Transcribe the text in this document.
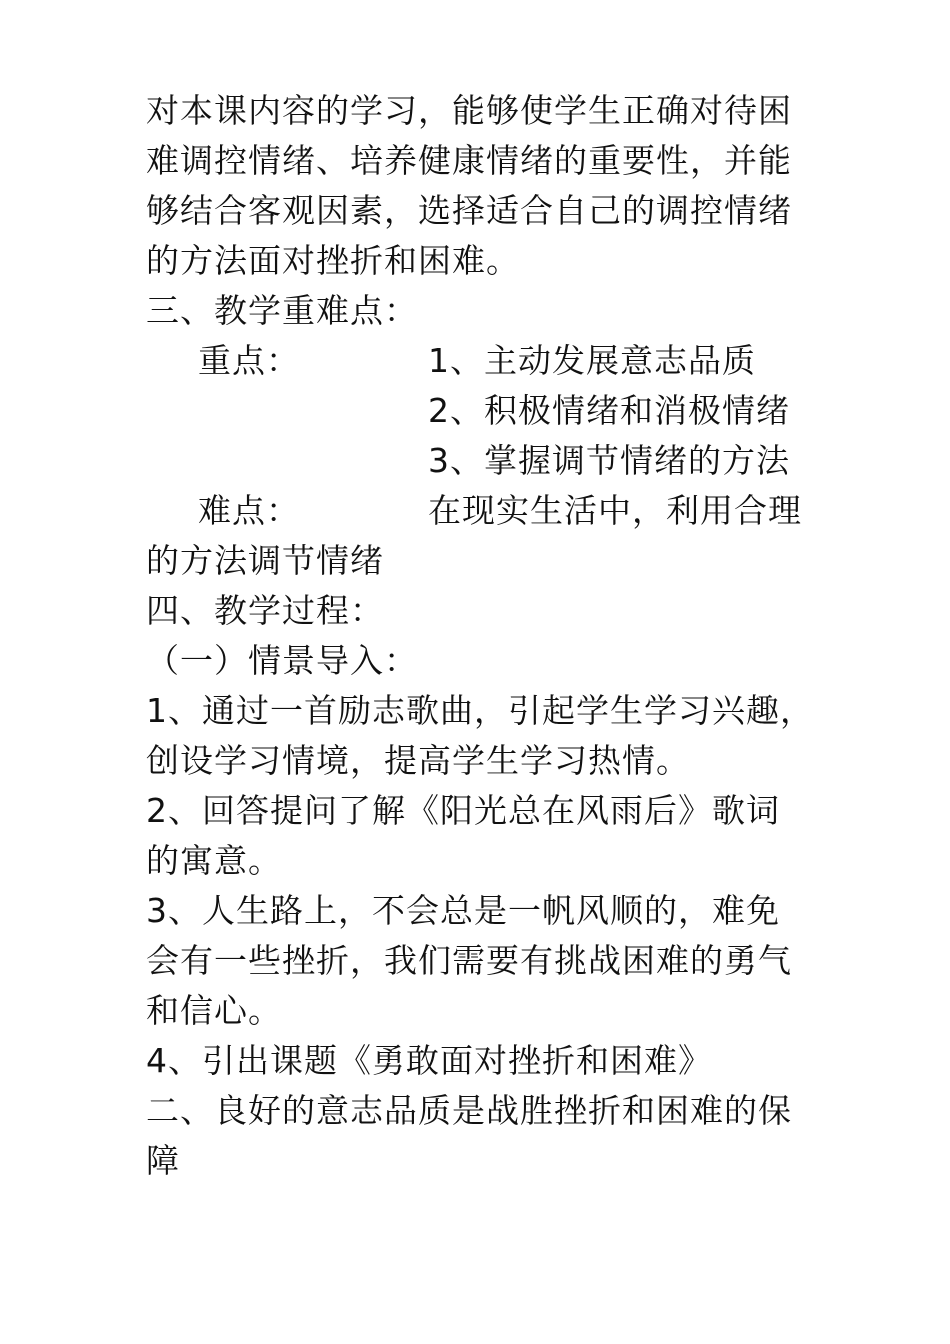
对本课内容的学习，能够使学生正确对待困
难调控情绪、培养健康情绪的重要性，并能
够结合客观因素，选择适合自己的调控情绪
的方法面对挫折和困难。
三、教学重难点：
重点：	1、主动发展意志品质
2、积极情绪和消极情绪
3、掌握调节情绪的方法
难点：	在现实生活中，利用合理
的方法调节情绪
四、教学过程：
（一）情景导入：
1、通过一首励志歌曲，引起学生学习兴趣，
创设学习情境，提高学生学习热情。
2、回答提问了解《阳光总在风雨后》歌词
的寓意。
3、人生路上，不会总是一帆风顺的，难免
会有一些挫折，我们需要有挑战困难的勇气
和信心。
4、引出课题《勇敢面对挫折和困难》
二、良好的意志品质是战胜挫折和困难的保
障
